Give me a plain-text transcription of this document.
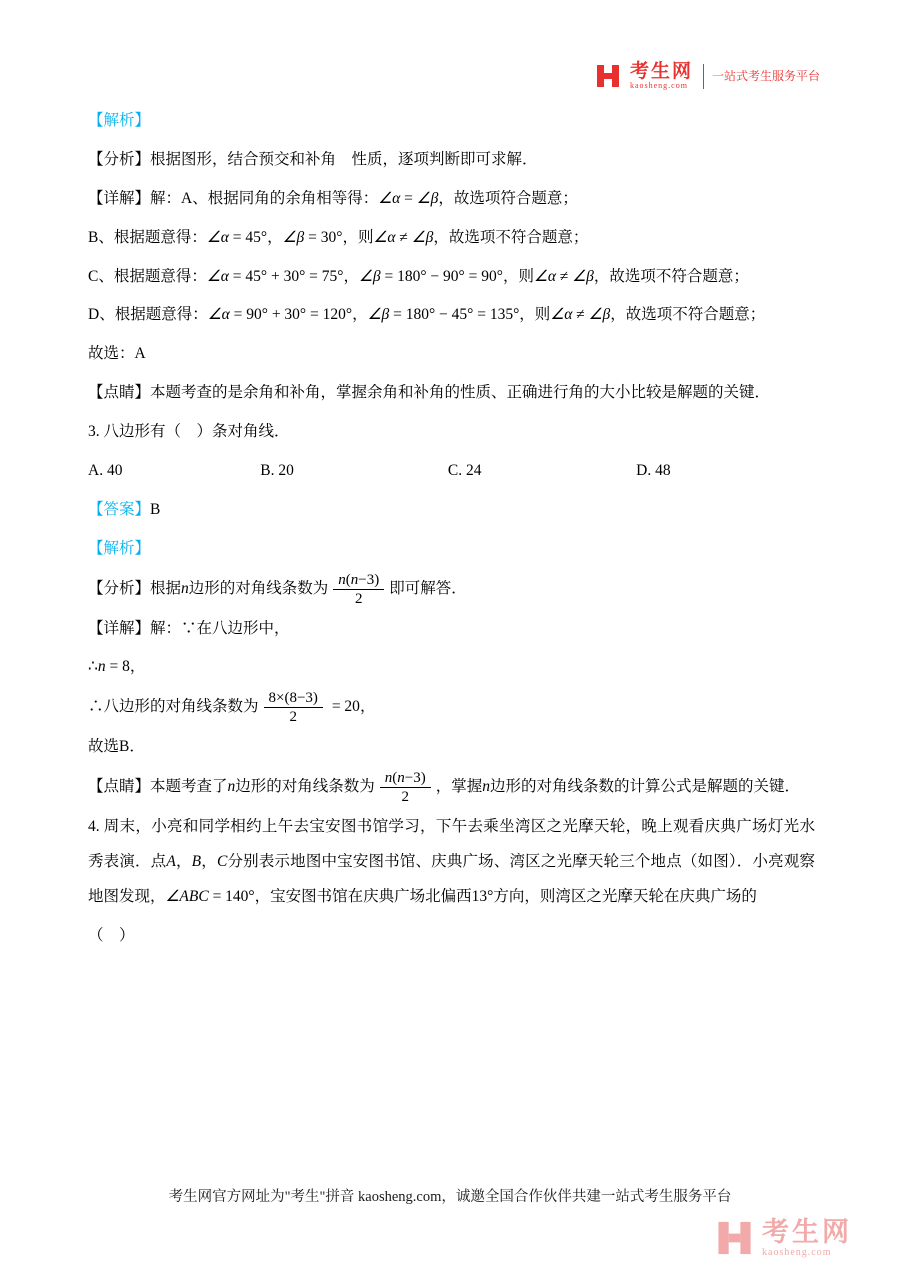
考生网
kaosheng.com
一站式考生服务平台

【解析】

【分析】根据图形，结合预交和补角　性质，逐项判断即可求解．

【详解】解：A、根据同角的余角相等得：∠α = ∠β，故选项符合题意；

B、根据题意得：∠α = 45°，∠β = 30°，则∠α ≠ ∠β，故选项不符合题意；

C、根据题意得：∠α = 45° + 30° = 75°，∠β = 180° − 90° = 90°，则∠α ≠ ∠β，故选项不符合题意；

D、根据题意得：∠α = 90° + 30° = 120°，∠β = 180° − 45° = 135°，则∠α ≠ ∠β，故选项不符合题意；

故选：A

【点睛】本题考查的是余角和补角，掌握余角和补角的性质、正确进行角的大小比较是解题的关键．

3. 八边形有（　）条对角线．

A. 40	B. 20	C. 24	D. 48

【答案】B

【解析】

【分析】根据n边形的对角线条数为 $\frac{n(n-3)}{2}$ 即可解答．

【详解】解：∵在八边形中，

∴n = 8，

∴八边形的对角线条数为 $\frac{8\times(8-3)}{2} = 20$，

故选B．

【点睛】本题考查了n边形的对角线条数为 $\frac{n(n-3)}{2}$ ，掌握n边形的对角线条数的计算公式是解题的关键．

4. 周末，小亮和同学相约上午去宝安图书馆学习，下午去乘坐湾区之光摩天轮，晚上观看庆典广场灯光水秀表演．点A，B，C分别表示地图中宝安图书馆、庆典广场、湾区之光摩天轮三个地点（如图）．小亮观察地图发现，∠ABC = 140°，宝安图书馆在庆典广场北偏西13°方向，则湾区之光摩天轮在庆典广场的

（　）

考生网官方网址为"考生"拼音 kaosheng.com，诚邀全国合作伙伴共建一站式考生服务平台
考生网
kaosheng.com
